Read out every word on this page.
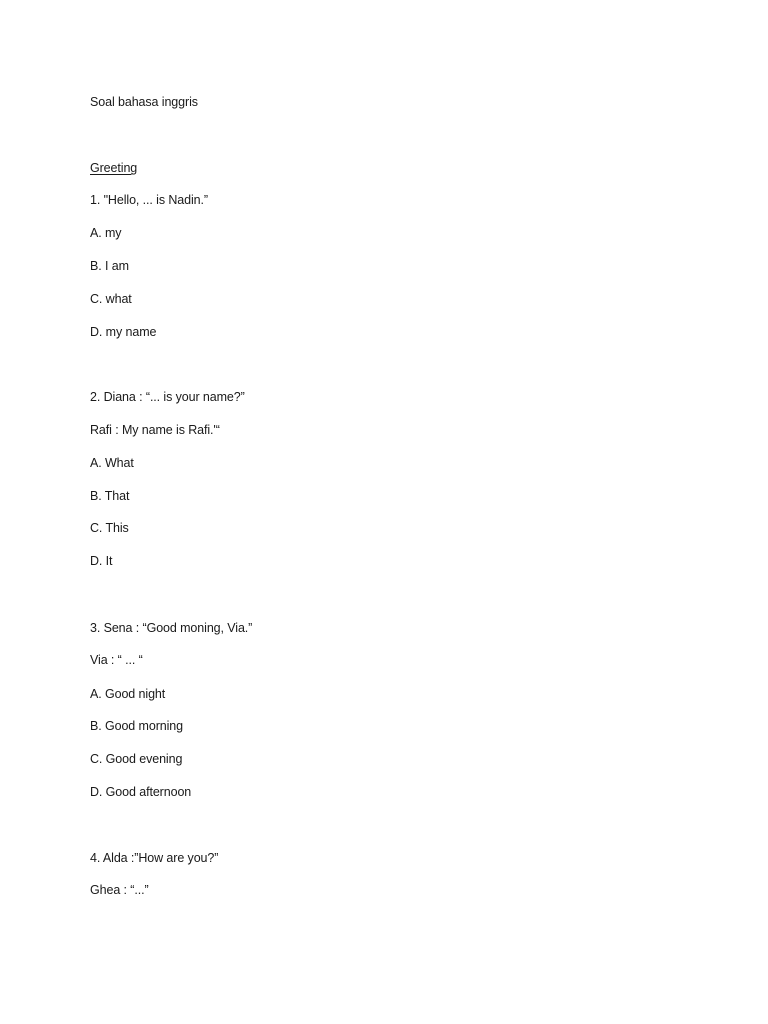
Soal bahasa inggris
Greeting
1. "Hello, ... is Nadin.”
A. my
B. I am
C. what
D. my name
2. Diana : “... is your name?”
Rafi : My name is Rafi.'“
A. What
B. That
C. This
D. It
3. Sena : “Good moning, Via.”
Via : “ ... “
A. Good night
B. Good morning
C. Good evening
D. Good afternoon
4. Alda :”How are you?”
Ghea : “...”
